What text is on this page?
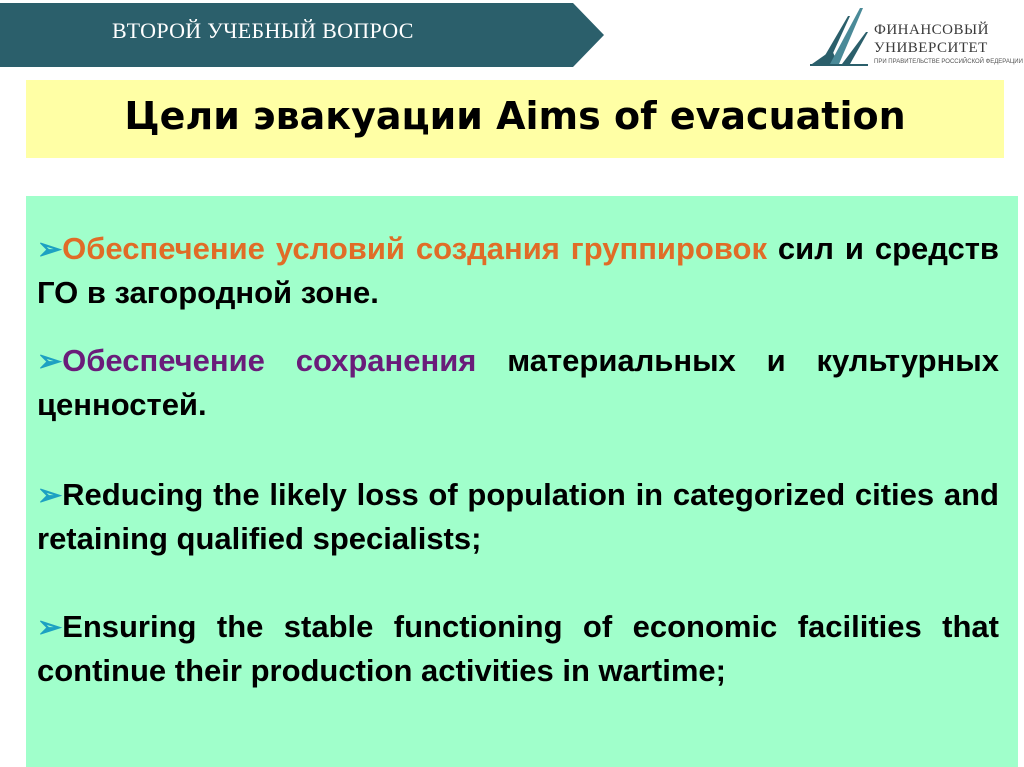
ВТОРОЙ УЧЕБНЫЙ ВОПРОС	ФИНАНСОВЫЙ
УНИВЕРСИТЕТ
ПРИ ПРАВИТЕЛЬСТВЕ РОССИЙСКОЙ ФЕДЕРАЦИИ
Цели эвакуации Aims of evacuation
➢Обеспечение условий создания группировок сил и средств ГО в загородной зоне.
➢Обеспечение сохранения материальных и культурных ценностей.
➢Reducing the likely loss of population in categorized cities and retaining qualified specialists;
➢Ensuring the stable functioning of economic facilities that continue their production activities in wartime;
